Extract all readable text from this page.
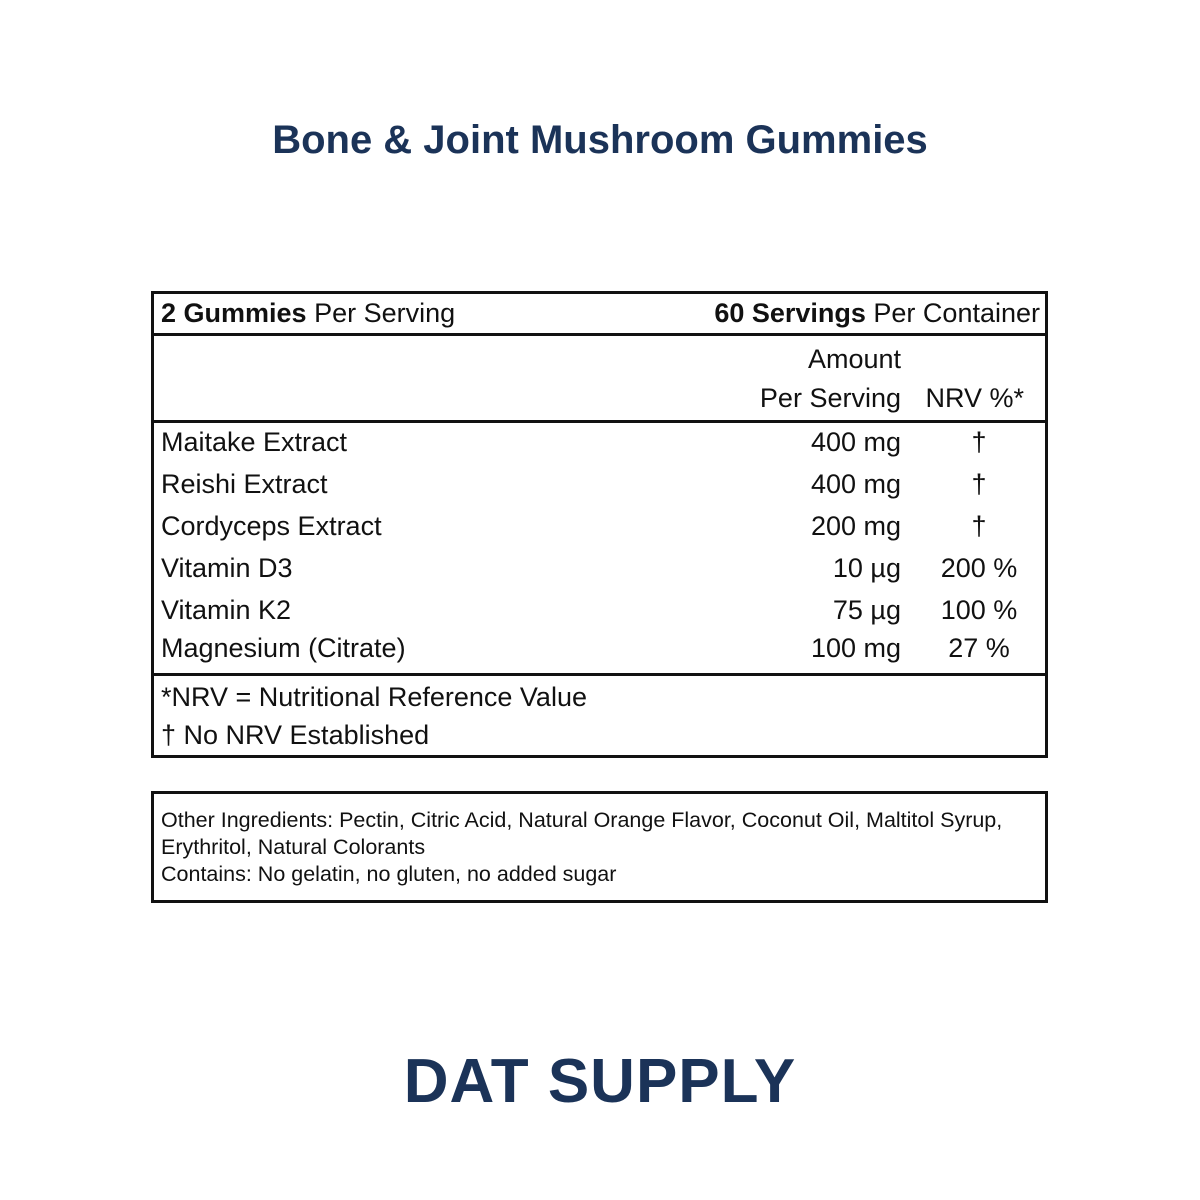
Bone & Joint Mushroom Gummies
2 Gummies Per Serving	60 Servings Per Container
Amount
Per Serving NRV %*
Maitake Extract	400 mg	†
Reishi Extract	400 mg	†
Cordyceps Extract	200 mg	†
Vitamin D3	10 µg	200 %
Vitamin K2	75 µg	100 %
Magnesium (Citrate)	100 mg	27 %
*NRV = Nutritional Reference Value
† No NRV Established
Other Ingredients: Pectin, Citric Acid, Natural Orange Flavor, Coconut Oil, Maltitol Syrup, Erythritol, Natural Colorants
Contains: No gelatin, no gluten, no added sugar
DAT SUPPLY
